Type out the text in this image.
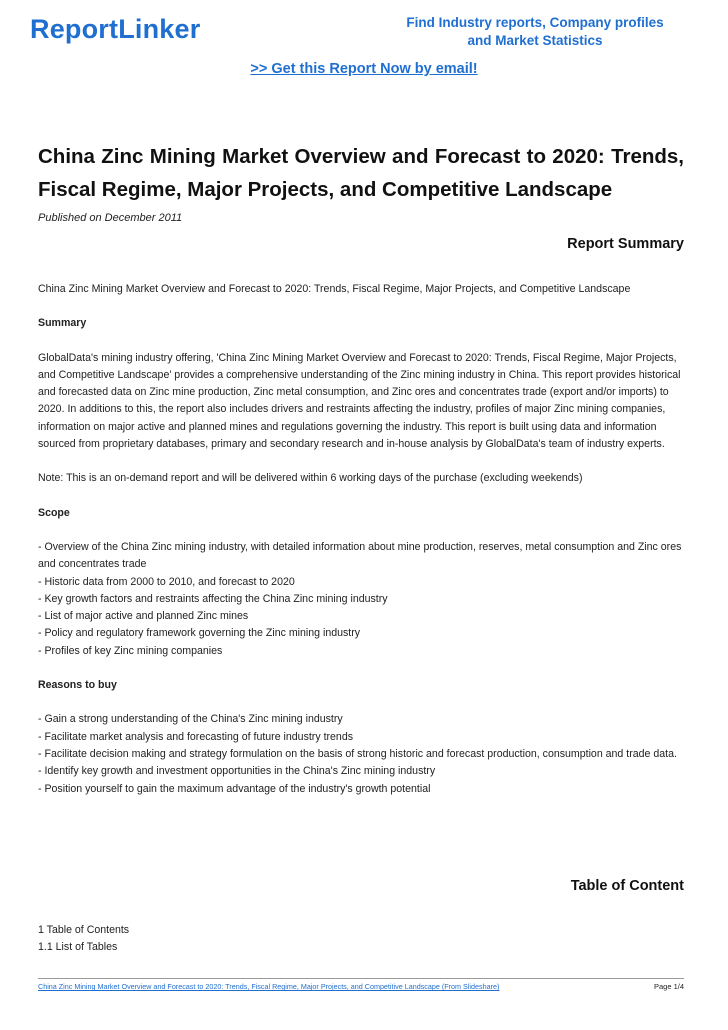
ReportLinker	Find Industry reports, Company profiles
and Market Statistics
>> Get this Report Now by email!
China Zinc Mining Market Overview and Forecast to 2020: Trends, Fiscal Regime, Major Projects, and Competitive Landscape
Published on December 2011
Report Summary

China Zinc Mining Market Overview and Forecast to 2020: Trends, Fiscal Regime, Major Projects, and Competitive Landscape

Summary

GlobalData's mining industry offering, 'China Zinc Mining Market Overview and Forecast to 2020: Trends, Fiscal Regime, Major Projects, and Competitive Landscape' provides a comprehensive understanding of the Zinc mining industry in China. This report provides historical and forecasted data on Zinc mine production, Zinc metal consumption, and Zinc ores and concentrates trade (export and/or imports) to 2020. In additions to this, the report also includes drivers and restraints affecting the industry, profiles of major Zinc mining companies, information on major active and planned mines and regulations governing the industry. This report is built using data and information sourced from proprietary databases, primary and secondary research and in-house analysis by GlobalData's team of industry experts.

Note: This is an on-demand report and will be delivered within 6 working days of the purchase (excluding weekends)

Scope

- Overview of the China Zinc mining industry, with detailed information about mine production, reserves, metal consumption and Zinc ores and concentrates trade
- Historic data from 2000 to 2010, and forecast to 2020
- Key growth factors and restraints affecting the China Zinc mining industry
- List of major active and planned Zinc mines
- Policy and regulatory framework governing the Zinc mining industry
- Profiles of key Zinc mining companies

Reasons to buy

- Gain a strong understanding of the China's Zinc mining industry
- Facilitate market analysis and forecasting of future industry trends
- Facilitate decision making and strategy formulation on the basis of strong historic and forecast production, consumption and trade data.
- Identify key growth and investment opportunities in the China's Zinc mining industry
- Position yourself to gain the maximum advantage of the industry's growth potential

Table of Content
1 Table of Contents
1.1 List of Tables
China Zinc Mining Market Overview and Forecast to 2020: Trends, Fiscal Regime, Major Projects, and Competitive Landscape (From Slideshare)	Page 1/4
